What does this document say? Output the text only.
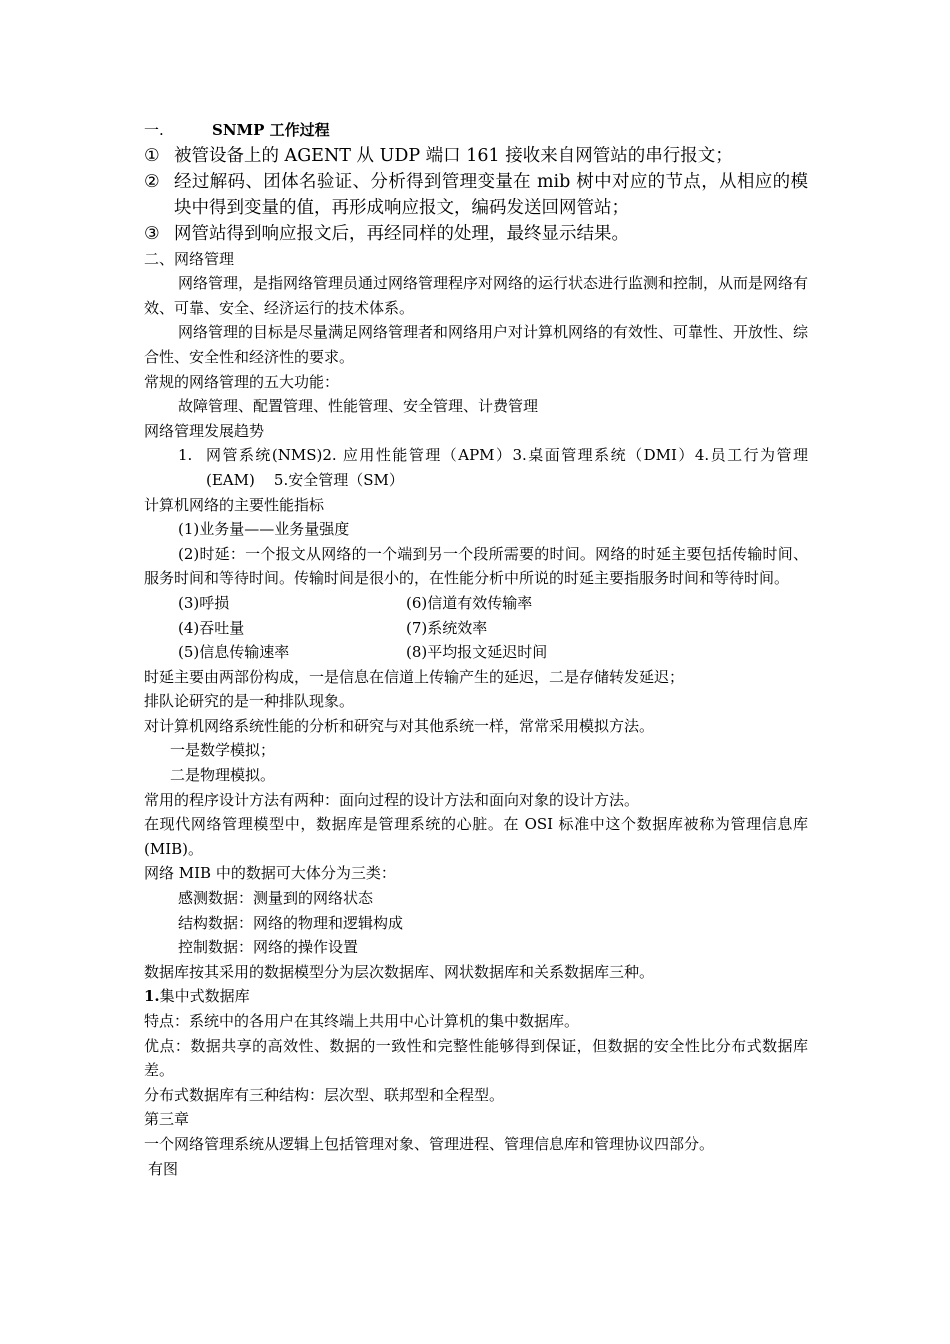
一.	SNMP 工作过程
① 被管设备上的 AGENT 从 UDP 端口 161 接收来自网管站的串行报文；
② 经过解码、团体名验证、分析得到管理变量在 mib 树中对应的节点，从相应的模块中得到变量的值，再形成响应报文，编码发送回网管站；
③ 网管站得到响应报文后，再经同样的处理，最终显示结果。
二、网络管理
网络管理，是指网络管理员通过网络管理程序对网络的运行状态进行监测和控制，从而是网络有效、可靠、安全、经济运行的技术体系。
网络管理的目标是尽量满足网络管理者和网络用户对计算机网络的有效性、可靠性、开放性、综合性、安全性和经济性的要求。
常规的网络管理的五大功能：
故障管理、配置管理、性能管理、安全管理、计费管理
网络管理发展趋势
1. 网管系统(NMS)2. 应用性能管理（APM）3.桌面管理系统（DMI）4.员工行为管理(EAM)    5.安全管理（SM）
计算机网络的主要性能指标
(1)业务量——业务量强度
(2)时延：一个报文从网络的一个端到另一个段所需要的时间。网络的时延主要包括传输时间、服务时间和等待时间。传输时间是很小的，在性能分析中所说的时延主要指服务时间和等待时间。
(3)呼损	(6)信道有效传输率
(4)吞吐量	(7)系统效率
(5)信息传输速率	(8)平均报文延迟时间
时延主要由两部份构成，一是信息在信道上传输产生的延迟，二是存储转发延迟；
排队论研究的是一种排队现象。
对计算机网络系统性能的分析和研究与对其他系统一样，常常采用模拟方法。
一是数学模拟；
二是物理模拟。
常用的程序设计方法有两种：面向过程的设计方法和面向对象的设计方法。
在现代网络管理模型中，数据库是管理系统的心脏。在 OSI 标准中这个数据库被称为管理信息库(MIB)。
网络 MIB 中的数据可大体分为三类：
感测数据：测量到的网络状态
结构数据：网络的物理和逻辑构成
控制数据：网络的操作设置
数据库按其采用的数据模型分为层次数据库、网状数据库和关系数据库三种。
1.集中式数据库
特点：系统中的各用户在其终端上共用中心计算机的集中数据库。
优点：数据共享的高效性、数据的一致性和完整性能够得到保证，但数据的安全性比分布式数据库差。
分布式数据库有三种结构：层次型、联邦型和全程型。
第三章
一个网络管理系统从逻辑上包括管理对象、管理进程、管理信息库和管理协议四部分。
有图
